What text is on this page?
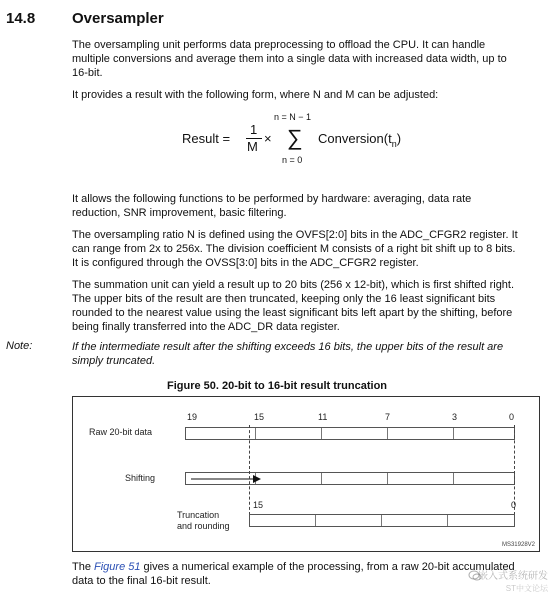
14.8 Oversampler
The oversampling unit performs data preprocessing to offload the CPU. It can handle
multiple conversions and average them into a single data with increased data width, up to
16-bit.
It provides a result with the following form, where N and M can be adjusted:
Result =
1
M
×
n = N − 1
∑
n = 0
$Conversion(t_n)$
It allows the following functions to be performed by hardware: averaging, data rate
reduction, SNR improvement, basic filtering.
The oversampling ratio N is defined using the OVFS[2:0] bits in the ADC_CFGR2 register. It
can range from 2x to 256x. The division coefficient M consists of a right bit shift up to 8 bits.
It is configured through the OVSS[3:0] bits in the ADC_CFGR2 register.
The summation unit can yield a result up to 20 bits (256 x 12-bit), which is first shifted right.
The upper bits of the result are then truncated, keeping only the 16 least significant bits
rounded to the nearest value using the least significant bits left apart by the shifting, before
being finally transferred into the ADC_DR data register.
Note:	If the intermediate result after the shifting exceeds 16 bits, the upper bits of the result are
simply truncated.
Figure 50. 20-bit to 16-bit result truncation
19	15	11	7	3	0
Raw 20-bit data
Shifting
15	0
Truncation
and rounding
MS31928V2
The Figure 51 gives a numerical example of the processing, from a raw 20-bit accumulated
data to the final 16-bit result.	嵌入式系统研发
ST中文论坛
